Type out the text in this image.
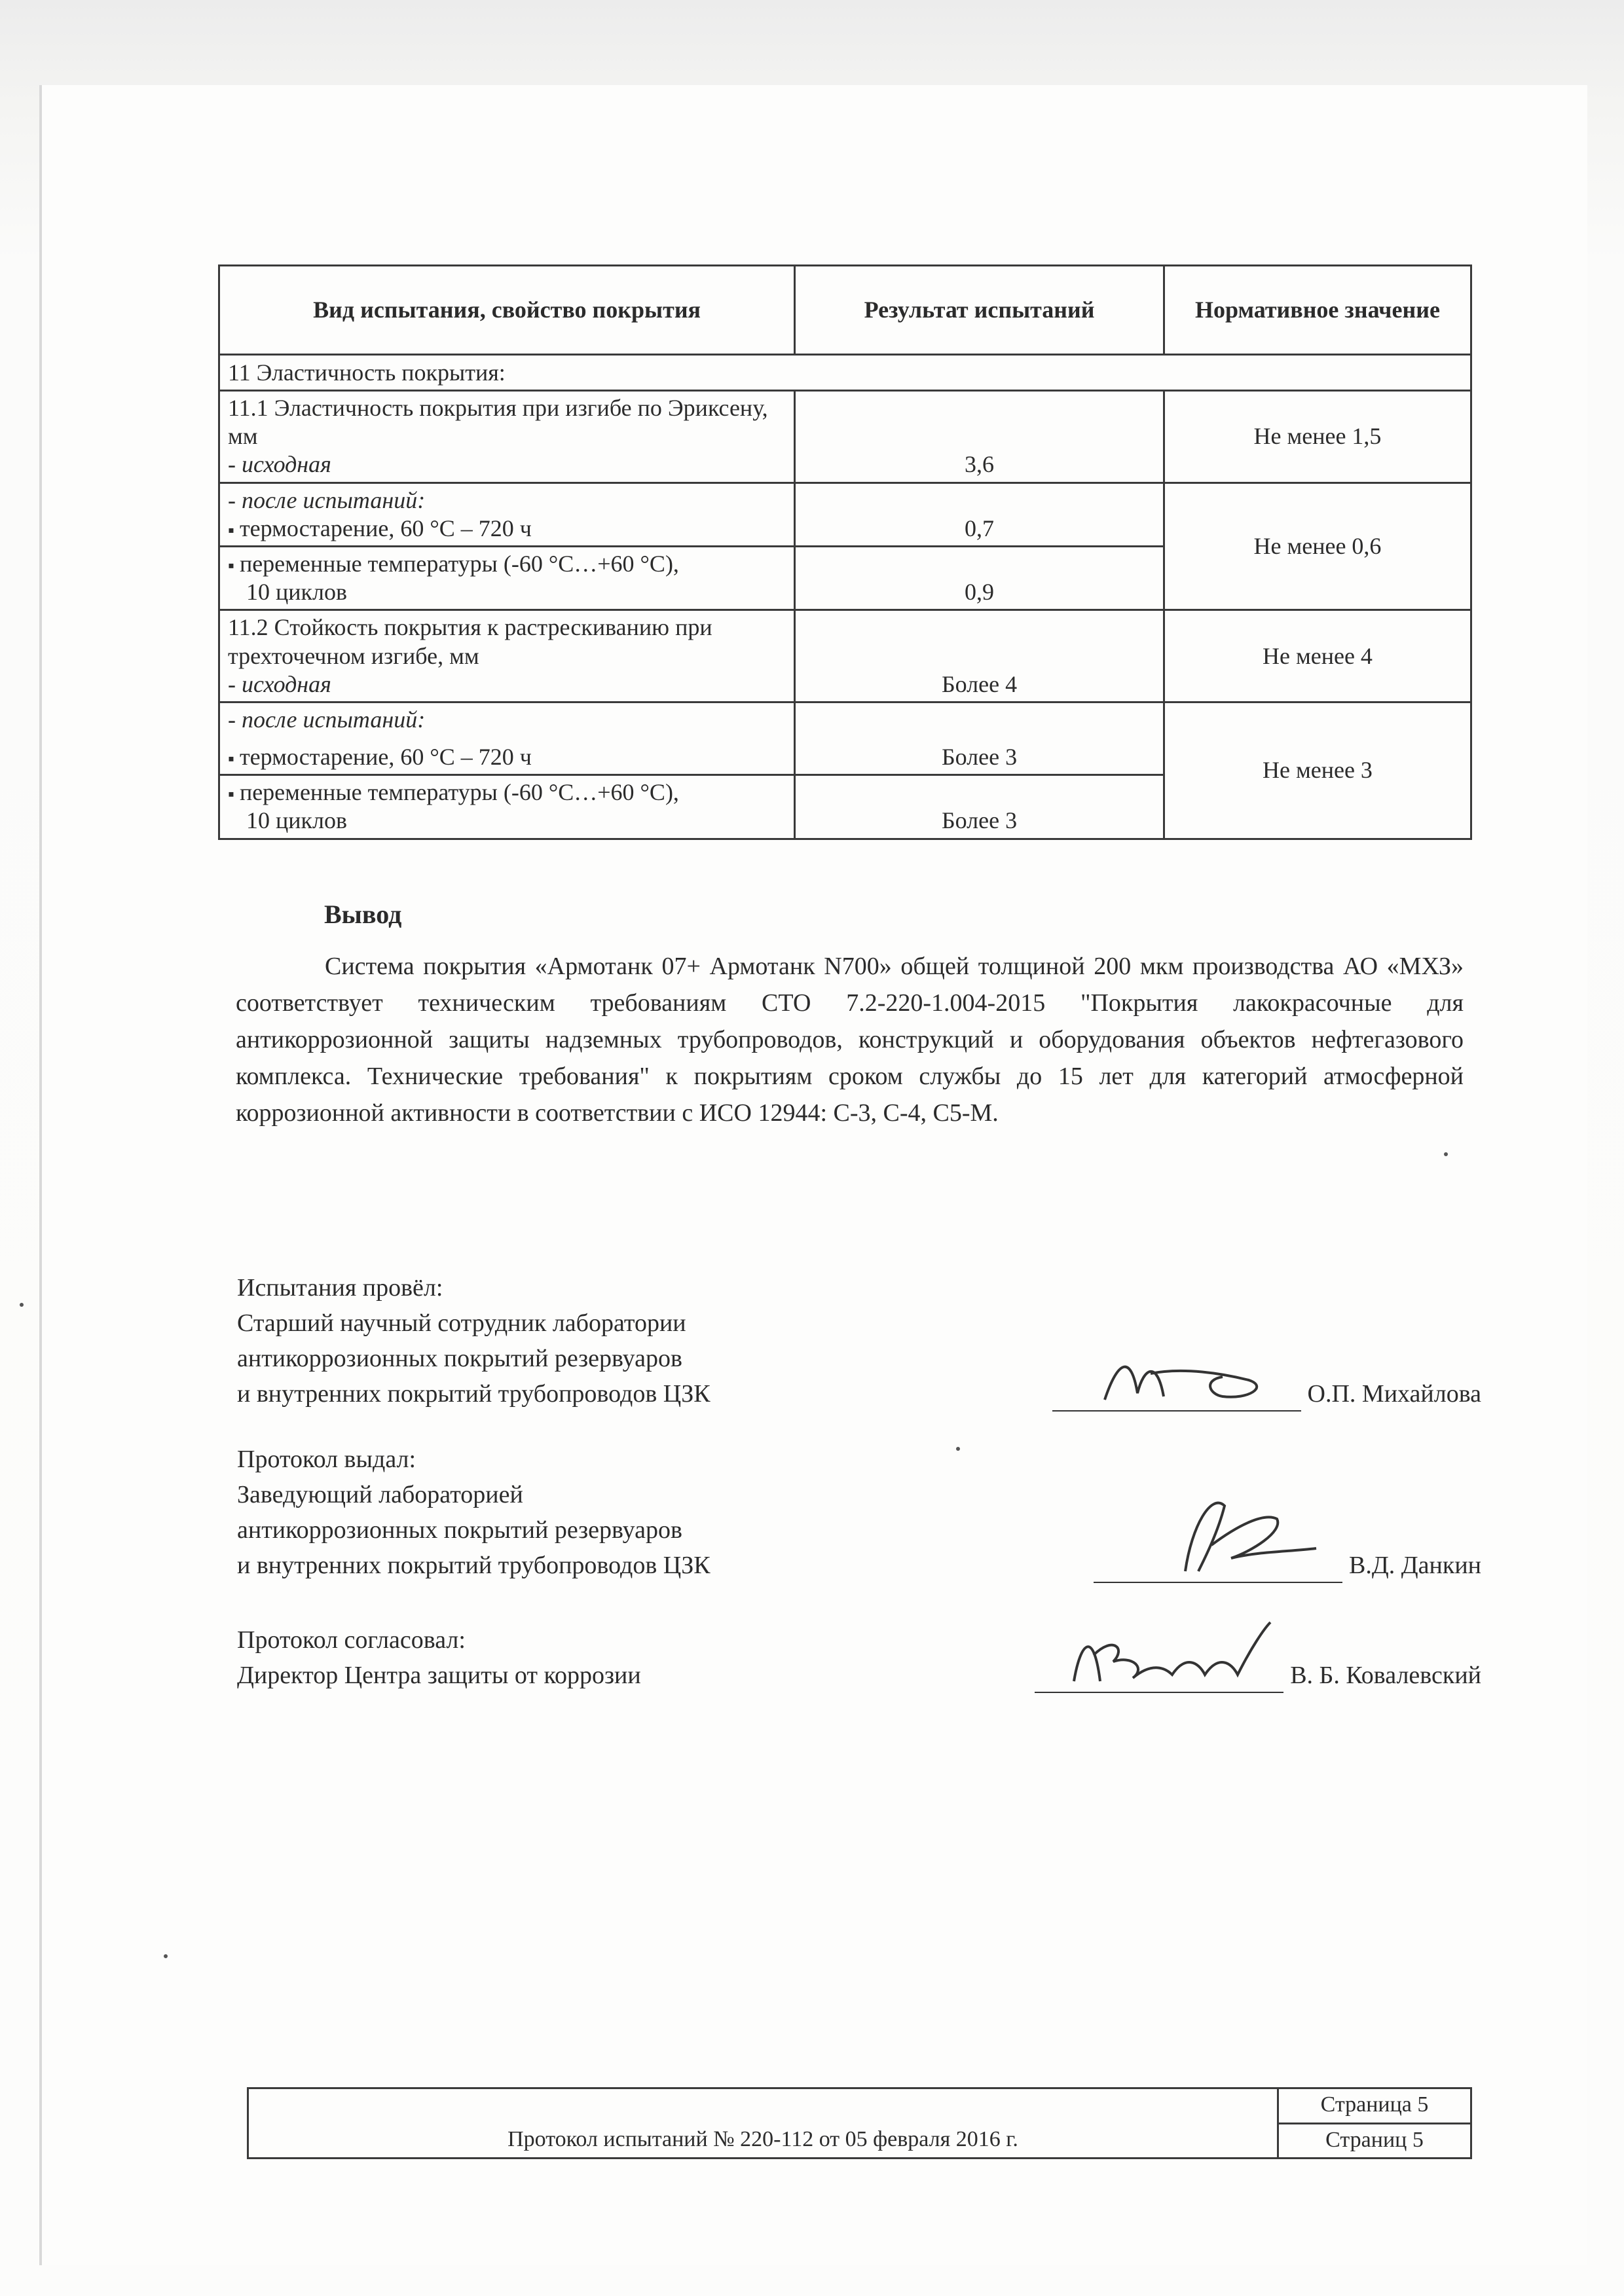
Вид испытания, свойство покрытия	Результат испытаний	Нормативное значение
11 Эластичность покрытия:		

11.1 Эластичность покрытия при изгибе по Эриксену, мм
- исходная	3,6	Не менее 1,5

- после испытаний:
▪ термостарение, 60 °С – 720 ч	0,7	Не менее 0,6

▪ переменные температуры (-60 °С…+60 °С),
10 циклов	0,9	

11.2 Стойкость покрытия к растрескиванию при трехточечном изгибе, мм
- исходная	Более 4	Не менее 4

- после испытаний:
▪ термостарение, 60 °С – 720 ч	Более 3	Не менее 3

▪ переменные температуры (-60 °С…+60 °С),
10 циклов	Более 3	
Вывод
Система покрытия «Армотанк 07+ Армотанк N700» общей толщиной 200 мкм производства АО «МХЗ» соответствует техническим требованиям СТО 7.2-220-1.004-2015 "Покрытия лакокрасочные для антикоррозионной защиты надземных трубопроводов, конструкций и оборудования объектов нефтегазового комплекса. Технические требования" к покрытиям сроком службы до 15 лет для категорий атмосферной коррозионной активности в соответствии с ИСО 12944: С-3, С-4, С5-М.
Испытания провёл:
Старший научный сотрудник лаборатории
антикоррозионных покрытий резервуаров
и внутренних покрытий трубопроводов ЦЗК	О.П. Михайлова
Протокол выдал:
Заведующий лабораторией
антикоррозионных покрытий резервуаров
и внутренних покрытий трубопроводов ЦЗК	В.Д. Данкин
Протокол согласовал:
Директор Центра защиты от коррозии	В. Б. Ковалевский
Протокол испытаний № 220-112 от 05 февраля 2016 г.
Страница 5
Страниц 5
